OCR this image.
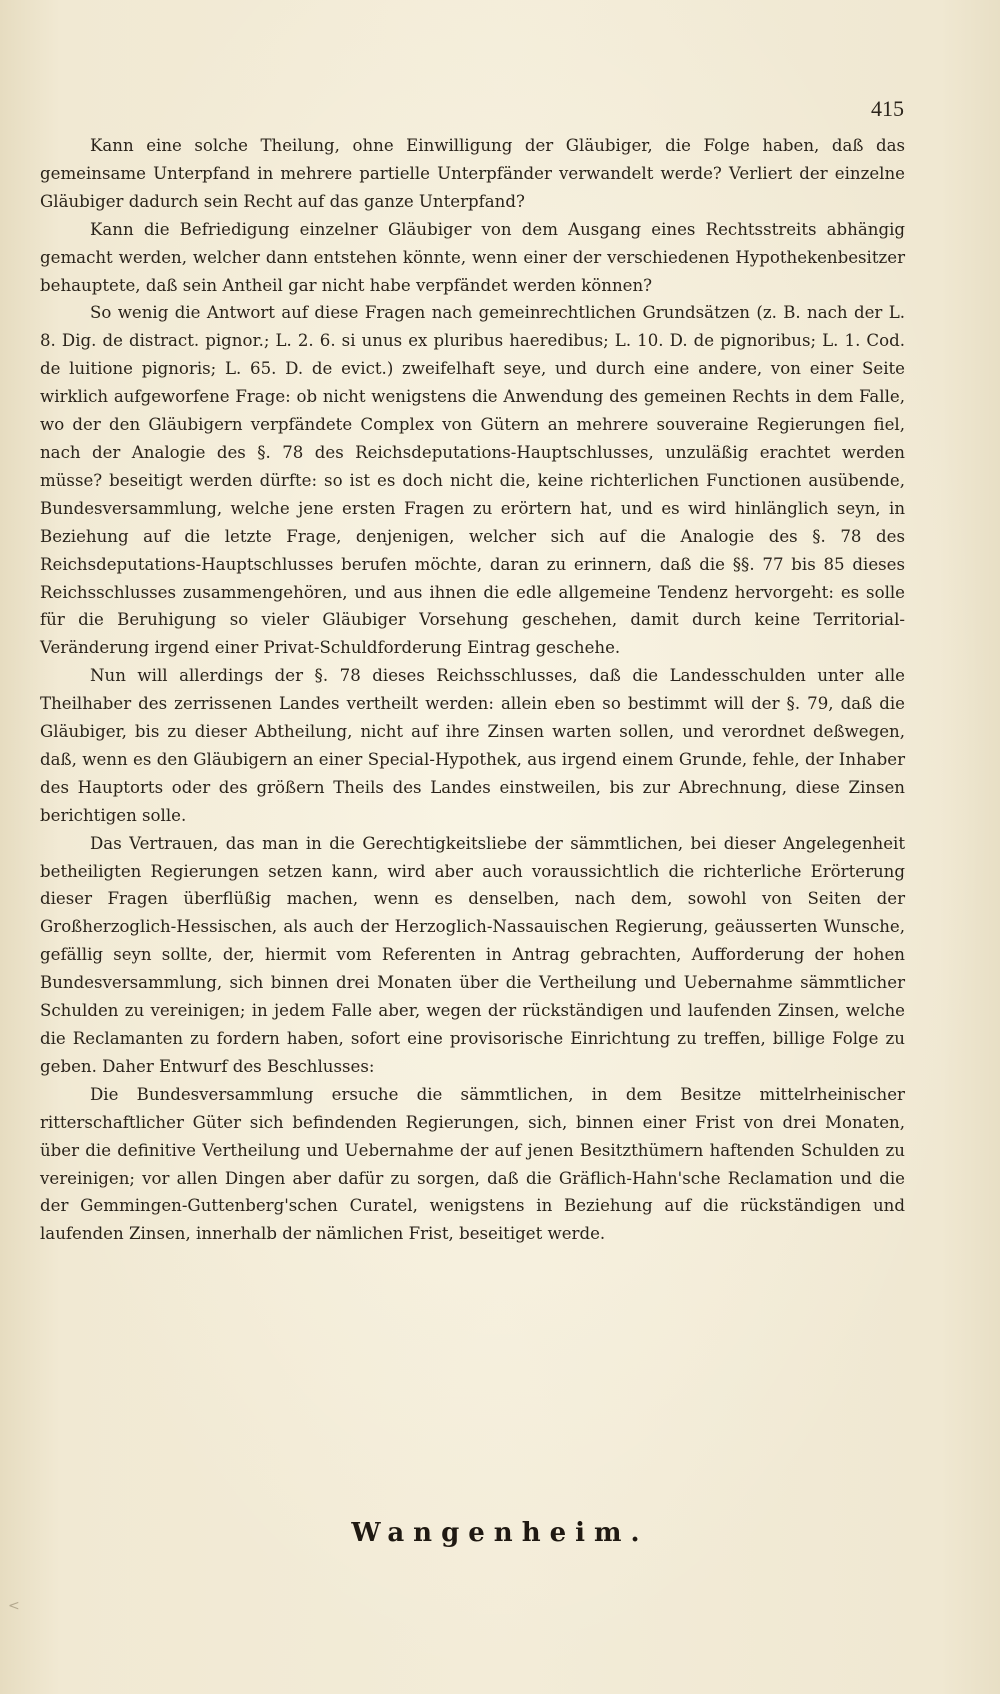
415

Kann eine solche Theilung, ohne Einwilligung der Gläubiger, die Folge haben, daß das gemeinsame Unterpfand in mehrere partielle Unterpfänder verwandelt werde? Verliert der einzelne Gläubiger dadurch sein Recht auf das ganze Unterpfand?

Kann die Befriedigung einzelner Gläubiger von dem Ausgang eines Rechtsstreits abhängig gemacht werden, welcher dann entstehen könnte, wenn einer der verschiedenen Hypothekenbesitzer behauptete, daß sein Antheil gar nicht habe verpfändet werden können?

So wenig die Antwort auf diese Fragen nach gemeinrechtlichen Grundsätzen (z. B. nach der L. 8. Dig. de distract. pignor.; L. 2. 6. si unus ex pluribus haeredibus; L. 10. D. de pignoribus; L. 1. Cod. de luitione pignoris; L. 65. D. de evict.) zweifelhaft seye, und durch eine andere, von einer Seite wirklich aufgeworfene Frage: ob nicht wenigstens die Anwendung des gemeinen Rechts in dem Falle, wo der den Gläubigern verpfändete Complex von Gütern an mehrere souveraine Regierungen fiel, nach der Analogie des §. 78 des Reichsdeputations-Hauptschlusses, unzuläßig erachtet werden müsse? beseitigt werden dürfte: so ist es doch nicht die, keine richterlichen Functionen ausübende, Bundesversammlung, welche jene ersten Fragen zu erörtern hat, und es wird hinlänglich seyn, in Beziehung auf die letzte Frage, denjenigen, welcher sich auf die Analogie des §. 78 des Reichsdeputations-Hauptschlusses berufen möchte, daran zu erinnern, daß die §§. 77 bis 85 dieses Reichsschlusses zusammengehören, und aus ihnen die edle allgemeine Tendenz hervorgeht: es solle für die Beruhigung so vieler Gläubiger Vorsehung geschehen, damit durch keine Territorial-Veränderung irgend einer Privat-Schuldforderung Eintrag geschehe.

Nun will allerdings der §. 78 dieses Reichsschlusses, daß die Landesschulden unter alle Theilhaber des zerrissenen Landes vertheilt werden: allein eben so bestimmt will der §. 79, daß die Gläubiger, bis zu dieser Abtheilung, nicht auf ihre Zinsen warten sollen, und verordnet deßwegen, daß, wenn es den Gläubigern an einer Special-Hypothek, aus irgend einem Grunde, fehle, der Inhaber des Hauptorts oder des größern Theils des Landes einstweilen, bis zur Abrechnung, diese Zinsen berichtigen solle.

Das Vertrauen, das man in die Gerechtigkeitsliebe der sämmtlichen, bei dieser Angelegenheit betheiligten Regierungen setzen kann, wird aber auch voraussichtlich die richterliche Erörterung dieser Fragen überflüßig machen, wenn es denselben, nach dem, sowohl von Seiten der Großherzoglich-Hessischen, als auch der Herzoglich-Nassauischen Regierung, geäusserten Wunsche, gefällig seyn sollte, der, hiermit vom Referenten in Antrag gebrachten, Aufforderung der hohen Bundesversammlung, sich binnen drei Monaten über die Vertheilung und Uebernahme sämmtlicher Schulden zu vereinigen; in jedem Falle aber, wegen der rückständigen und laufenden Zinsen, welche die Reclamanten zu fordern haben, sofort eine provisorische Einrichtung zu treffen, billige Folge zu geben. Daher Entwurf des Beschlusses:

Die Bundesversammlung ersuche die sämmtlichen, in dem Besitze mittelrheinischer ritterschaftlicher Güter sich befindenden Regierungen, sich, binnen einer Frist von drei Monaten, über die definitive Vertheilung und Uebernahme der auf jenen Besitzthümern haftenden Schulden zu vereinigen; vor allen Dingen aber dafür zu sorgen, daß die Gräflich-Hahn'sche Reclamation und die der Gemmingen-Guttenberg'schen Curatel, wenigstens in Beziehung auf die rückständigen und laufenden Zinsen, innerhalb der nämlichen Frist, beseitiget werde.

Wangenheim.
<
